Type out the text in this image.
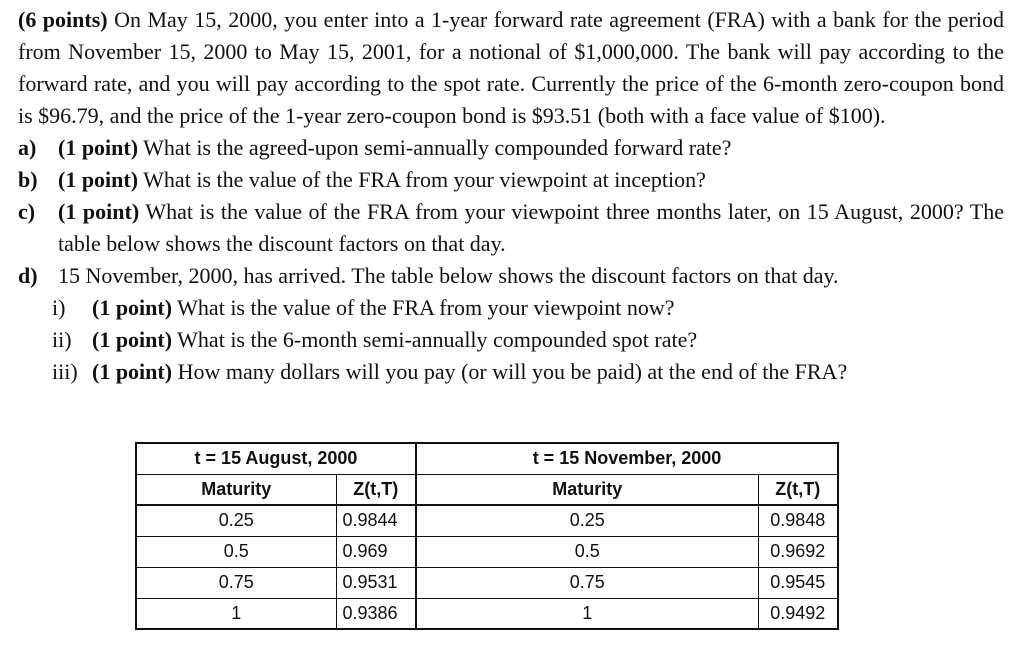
(6 points) On May 15, 2000, you enter into a 1-year forward rate agreement (FRA) with a bank for the period from November 15, 2000 to May 15, 2001, for a notional of $1,000,000. The bank will pay according to the forward rate, and you will pay according to the spot rate. Currently the price of the 6-month zero-coupon bond is $96.79, and the price of the 1-year zero-coupon bond is $93.51 (both with a face value of $100).
a) (1 point) What is the agreed-upon semi-annually compounded forward rate?
b) (1 point) What is the value of the FRA from your viewpoint at inception?
c)	(1 point) What is the value of the FRA from your viewpoint three months later, on 15 August, 2000? The table below shows the discount factors on that day.
d) 15 November, 2000, has arrived. The table below shows the discount factors on that day.
i)	(1 point) What is the value of the FRA from your viewpoint now?
ii) (1 point) What is the 6-month semi-annually compounded spot rate?
iii) (1 point) How many dollars will you pay (or will you be paid) at the end of the FRA?
t = 15 August, 2000		t = 15 November, 2000	
Maturity	Z(t,T)	Maturity	Z(t,T)
0.25	0.9844	0.25	0.9848
0.5	0.969	0.5	0.9692
0.75	0.9531	0.75	0.9545
1	0.9386	1	0.9492
